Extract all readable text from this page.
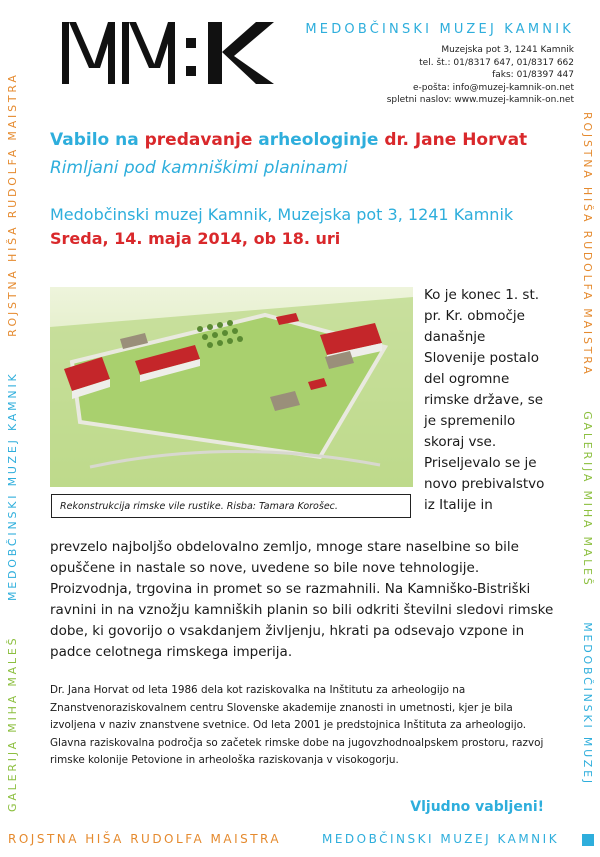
MEDOBČINSKI MUZEJ KAMNIK
Muzejska pot 3, 1241 Kamnik
tel. št.: 01/8317 647, 01/8317 662
faks: 01/8397 447
e-pošta: info@muzej-kamnik-on.net
spletni naslov: www.muzej-kamnik-on.net
GALERIJA MIHA MALEŠ  MEDOBČINSKI MUZEJ KAMNIK  ROJSTNA HIŠA RUDOLFA MAISTRA	ROJSTNA HIŠA RUDOLFA MAISTRA  GALERIJA MIHA MALEŠ  MEDOBČINSKI MUZEJ
ROJSTNA HIŠA RUDOLFA MAISTRA	MEDOBČINSKI MUZEJ KAMNIK
Vabilo na predavanje arheologinje dr. Jane Horvat
Rimljani pod kamniškimi planinami
Medobčinski muzej Kamnik, Muzejska pot 3, 1241 Kamnik
Sreda, 14. maja 2014, ob 18. uri
Rekonstrukcija rimske vile rustike. Risba: Tamara Korošec.
Ko je konec 1. st.
pr. Kr. območje
današnje
Slovenije postalo
del ogromne
rimske države, se
je spremenilo
skoraj vse.
Priseljevalo se je
novo prebivalstvo
iz Italije in
prevzelo najboljšo obdelovalno zemljo, mnoge stare naselbine so bile opuščene in nastale so nove, uvedene so bile nove tehnologije. Proizvodnja, trgovina in promet so se razmahnili. Na Kamniško-Bistriški ravnini in na vznožju kamniških planin so bili odkriti številni sledovi rimske dobe, ki govorijo o vsakdanjem življenju, hkrati pa odsevajo vzpone in padce celotnega rimskega imperija.
Dr. Jana Horvat od leta 1986 dela kot raziskovalka na Inštitutu za arheologijo na Znanstvenoraziskovalnem centru Slovenske akademije znanosti in umetnosti, kjer je bila izvoljena v naziv znanstvene svetnice. Od leta 2001 je predstojnica Inštituta za arheologijo. Glavna raziskovalna področja so začetek rimske dobe na jugovzhodnoalpskem prostoru, razvoj rimske kolonije Petovione in arheološka raziskovanja v visokogorju.
Vljudno vabljeni!
